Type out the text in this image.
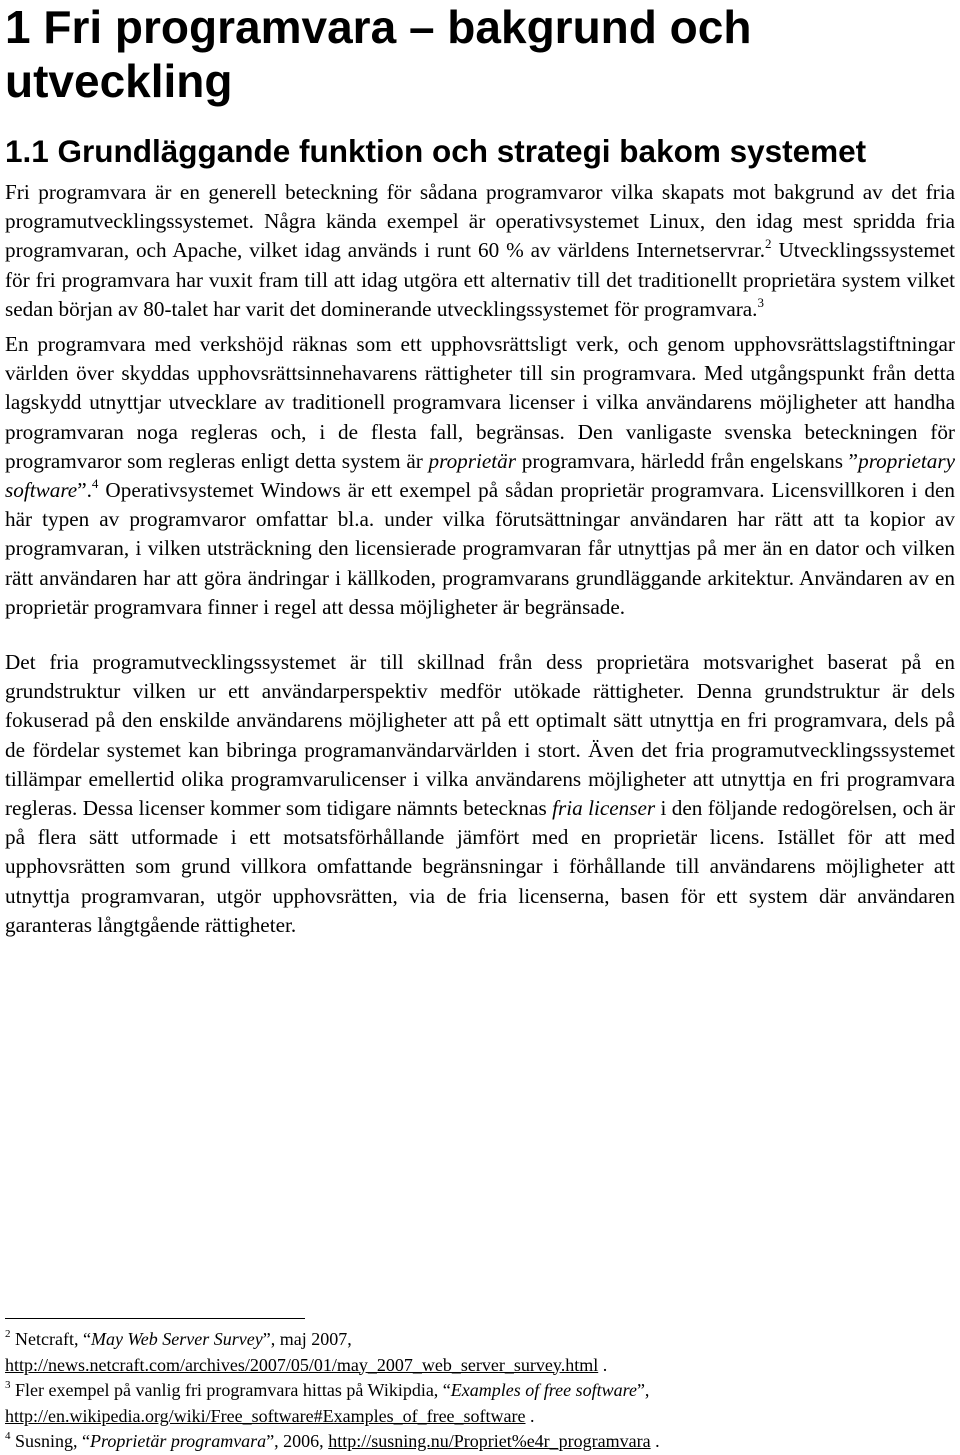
1 Fri programvara – bakgrund och utveckling
1.1 Grundläggande funktion och strategi bakom systemet

Fri programvara är en generell beteckning för sådana programvaror vilka skapats mot bakgrund av det fria programutvecklingssystemet. Några kända exempel är operativsystemet Linux, den idag mest spridda fria programvaran, och Apache, vilket idag används i runt 60 % av världens Internetservrar.$^2$ Utvecklingssystemet för fri programvara har vuxit fram till att idag utgöra ett alternativ till det traditionellt proprietära system vilket sedan början av 80-talet har varit det dominerande utvecklingssystemet för programvara.$^3$

En programvara med verkshöjd räknas som ett upphovsrättsligt verk, och genom upphovsrättslagstiftningar världen över skyddas upphovsrättsinnehavarens rättigheter till sin programvara. Med utgångspunkt från detta lagskydd utnyttjar utvecklare av traditionell programvara licenser i vilka användarens möjligheter att handha programvaran noga regleras och, i de flesta fall, begränsas. Den vanligaste svenska beteckningen för programvaror som regleras enligt detta system är proprietär programvara, härledd från engelskans ”proprietary software”.$^4$ Operativsystemet Windows är ett exempel på sådan proprietär programvara. Licensvillkoren i den här typen av programvaror omfattar bl.a. under vilka förutsättningar användaren har rätt att ta kopior av programvaran, i vilken utsträckning den licensierade programvaran får utnyttjas på mer än en dator och vilken rätt användaren har att göra ändringar i källkoden, programvarans grundläggande arkitektur. Användaren av en proprietär programvara finner i regel att dessa möjligheter är begränsade.

Det fria programutvecklingssystemet är till skillnad från dess proprietära motsvarighet baserat på en grundstruktur vilken ur ett användarperspektiv medför utökade rättigheter. Denna grundstruktur är dels fokuserad på den enskilde användarens möjligheter att på ett optimalt sätt utnyttja en fri programvara, dels på de fördelar systemet kan bibringa programanvändarvärlden i stort. Även det fria programutvecklingssystemet tillämpar emellertid olika programvarulicenser i vilka användarens möjligheter att utnyttja en fri programvara regleras. Dessa licenser kommer som tidigare nämnts betecknas fria licenser i den följande redogörelsen, och är på flera sätt utformade i ett motsatsförhållande jämfört med en proprietär licens. Istället för att med upphovsrätten som grund villkora omfattande begränsningar i förhållande till användarens möjligheter att utnyttja programvaran, utgör upphovsrätten, via de fria licenserna, basen för ett system där användaren garanteras långtgående rättigheter.

$^2$ Netcraft, “May Web Server Survey”, maj 2007,
http://news.netcraft.com/archives/2007/05/01/may_2007_web_server_survey.html .

$^3$ Fler exempel på vanlig fri programvara hittas på Wikipdia, “Examples of free software”,
http://en.wikipedia.org/wiki/Free_software#Examples_of_free_software .

$^4$ Susning, “Proprietär programvara”, 2006, http://susning.nu/Propriet%e4r_programvara .
